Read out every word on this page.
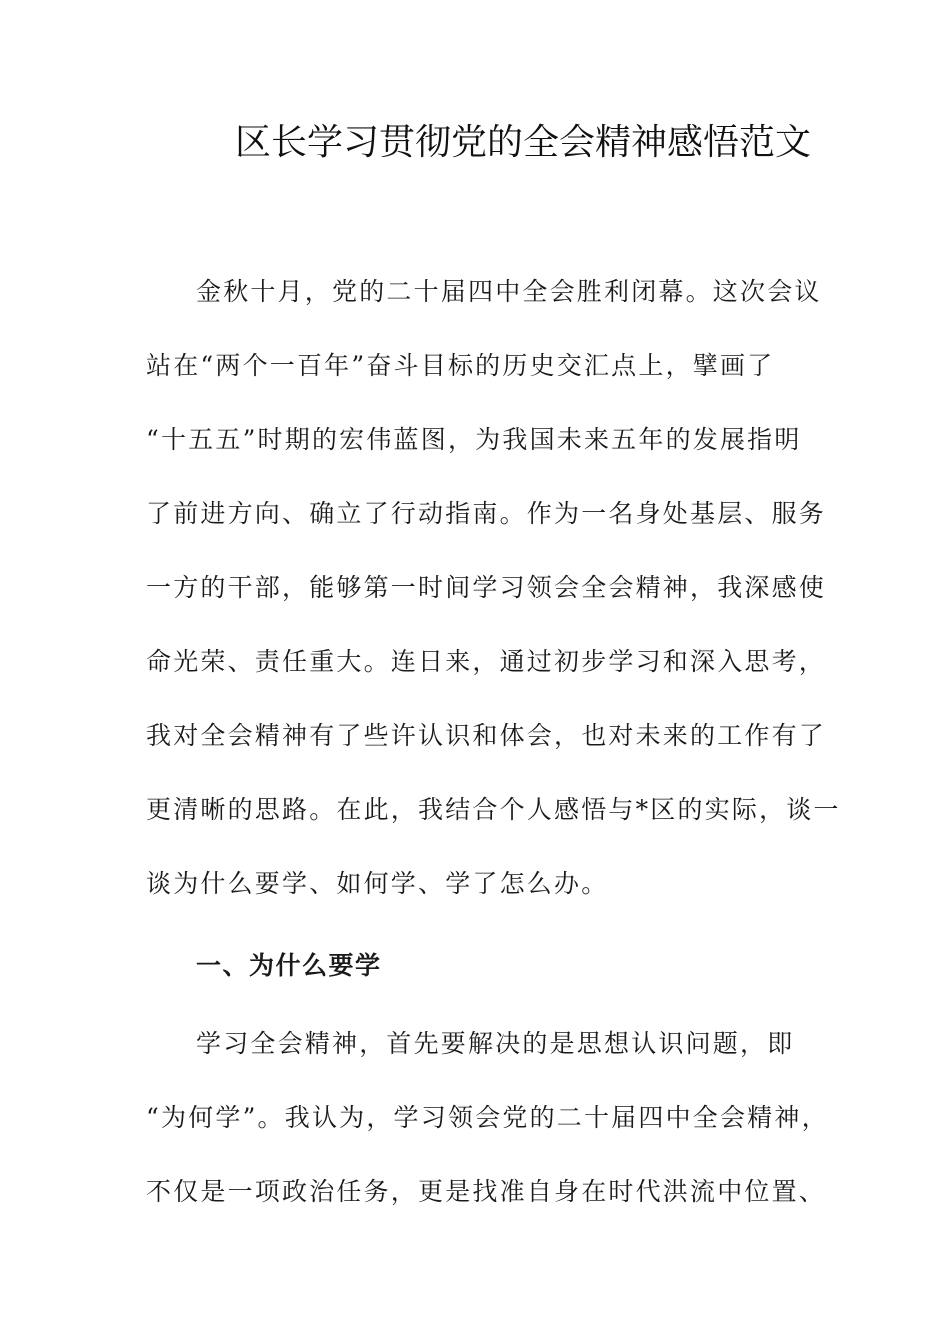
区长学习贯彻党的全会精神感悟范文
金秋十月，党的二十届四中全会胜利闭幕。这次会议
站在“两个一百年”奋斗目标的历史交汇点上，擘画了
“十五五”时期的宏伟蓝图，为我国未来五年的发展指明
了前进方向、确立了行动指南。作为一名身处基层、服务
一方的干部，能够第一时间学习领会全会精神，我深感使
命光荣、责任重大。连日来，通过初步学习和深入思考，
我对全会精神有了些许认识和体会，也对未来的工作有了
更清晰的思路。在此，我结合个人感悟与*区的实际，谈一
谈为什么要学、如何学、学了怎么办。
一、为什么要学
学习全会精神，首先要解决的是思想认识问题，即
“为何学”。我认为，学习领会党的二十届四中全会精神，
不仅是一项政治任务，更是找准自身在时代洪流中位置、
